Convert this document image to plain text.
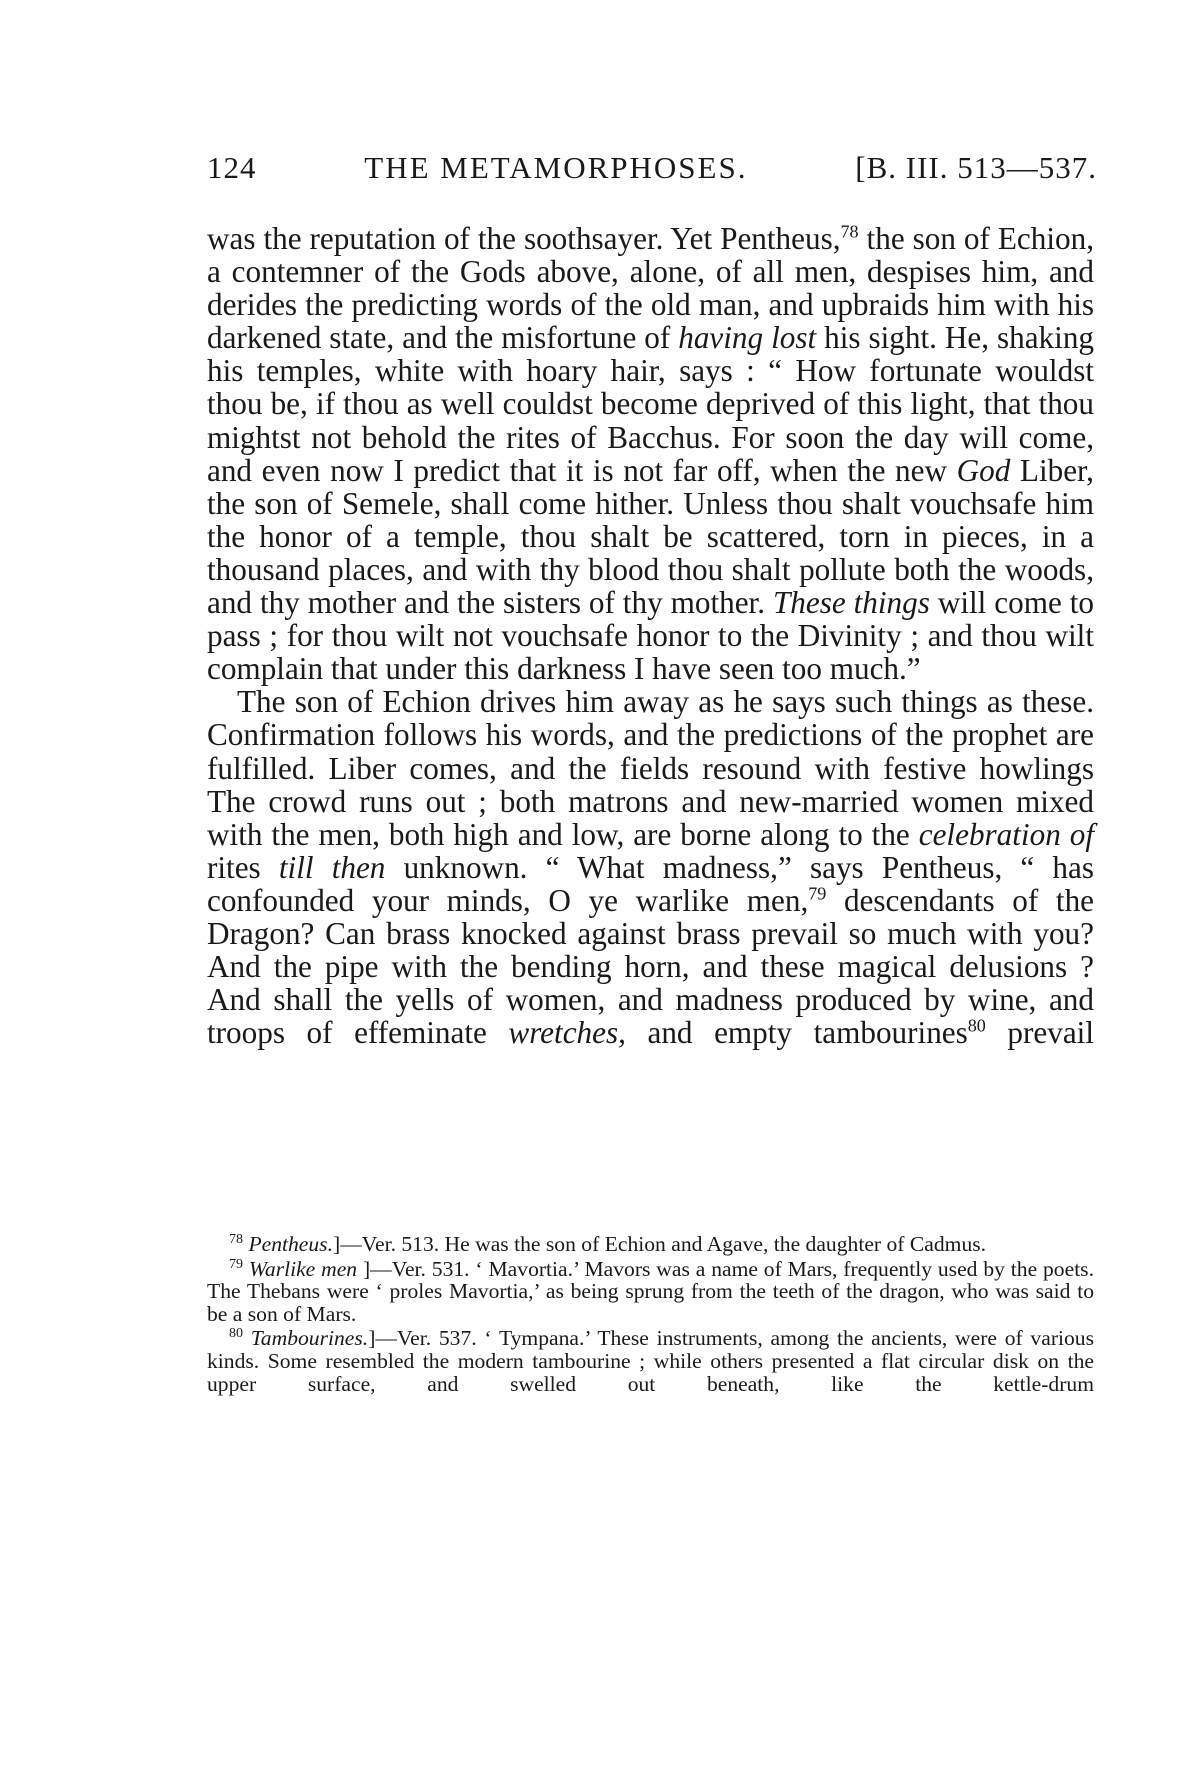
124	THE METAMORPHOSES.	[B. III. 513—537.

was the reputation of the soothsayer. Yet Pentheus,$^{78}$ the son of Echion, a contemner of the Gods above, alone, of all men, despises him, and derides the predicting words of the old man, and upbraids him with his darkened state, and the misfortune of having lost his sight. He, shaking his temples, white with hoary hair, says : “ How fortunate wouldst thou be, if thou as well couldst become deprived of this light, that thou mightst not behold the rites of Bacchus. For soon the day will come, and even now I predict that it is not far off, when the new God Liber, the son of Semele, shall come hither. Unless thou shalt vouchsafe him the honor of a temple, thou shalt be scattered, torn in pieces, in a thousand places, and with thy blood thou shalt pollute both the woods, and thy mother and the sisters of thy mother. These things will come to pass ; for thou wilt not vouchsafe honor to the Divinity ; and thou wilt complain that under this darkness I have seen too much.”

The son of Echion drives him away as he says such things as these. Confirmation follows his words, and the predictions of the prophet are fulfilled. Liber comes, and the fields resound with festive howlings The crowd runs out ; both matrons and new-married women mixed with the men, both high and low, are borne along to the celebration of rites till then unknown. “ What madness,” says Pentheus, “ has confounded your minds, O ye warlike men,$^{79}$ descendants of the Dragon? Can brass knocked against brass prevail so much with you? And the pipe with the bending horn, and these magical delusions ? And shall the yells of women, and madness produced by wine, and troops of effeminate wretches, and empty tambourines$^{80}$ prevail

$^{78}$ Pentheus.]—Ver. 513. He was the son of Echion and Agave, the daughter of Cadmus.

$^{79}$ Warlike men ]—Ver. 531. ‘ Mavortia.’ Mavors was a name of Mars, frequently used by the poets. The Thebans were ‘ proles Mavortia,’ as being sprung from the teeth of the dragon, who was said to be a son of Mars.

$^{80}$ Tambourines.]—Ver. 537. ‘ Tympana.’ These instruments, among the ancients, were of various kinds. Some resembled the modern tambourine ; while others presented a flat circular disk on the upper surface, and swelled out beneath, like the kettle-drum
